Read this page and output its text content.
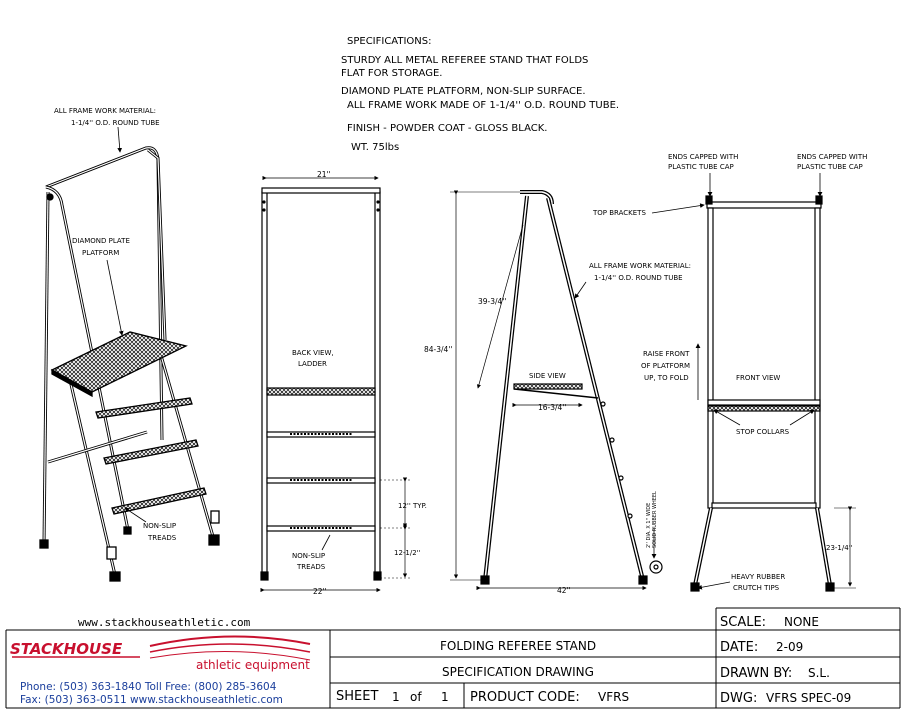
SPECIFICATIONS:
STURDY ALL METAL REFEREE STAND THAT FOLDS
FLAT FOR STORAGE.
DIAMOND PLATE PLATFORM, NON-SLIP SURFACE.
ALL FRAME WORK MADE OF 1-1/4'' O.D. ROUND TUBE.
FINISH - POWDER COAT - GLOSS BLACK.
WT. 75lbs
ALL FRAME WORK MATERIAL:
1-1/4'' O.D. ROUND TUBE
DIAMOND PLATE
PLATFORM
NON-SLIP
TREADS
21''
BACK VIEW,
LADDER
12'' TYP.
12-1/2''
NON-SLIP
TREADS
22''
39-3/4''
84-3/4''
SIDE VIEW
16-3/4''
42''
ALL FRAME WORK MATERIAL:
1-1/4'' O.D. ROUND TUBE
2'' DIA. X 1'' WIDE SOLID RUBBER WHEEL
ENDS CAPPED WITH
PLASTIC TUBE CAP
ENDS CAPPED WITH
PLASTIC TUBE CAP
TOP BRACKETS
RAISE FRONT
OF PLATFORM
UP, TO FOLD	FRONT VIEW
STOP COLLARS
23-1/4''
HEAVY RUBBER
CRUTCH TIPS
www.stackhouseathletic.com
STACKHOUSE
athletic equipment
Phone: (503) 363-1840 Toll Free: (800) 285-3604
Fax: (503) 363-0511 www.stackhouseathletic.com
FOLDING REFEREE STAND
SPECIFICATION DRAWING
SHEET 1 of 1 PRODUCT CODE: VFRS
SCALE: NONE
DATE: 2-09
DRAWN BY: S.L.
DWG: VFRS SPEC-09
